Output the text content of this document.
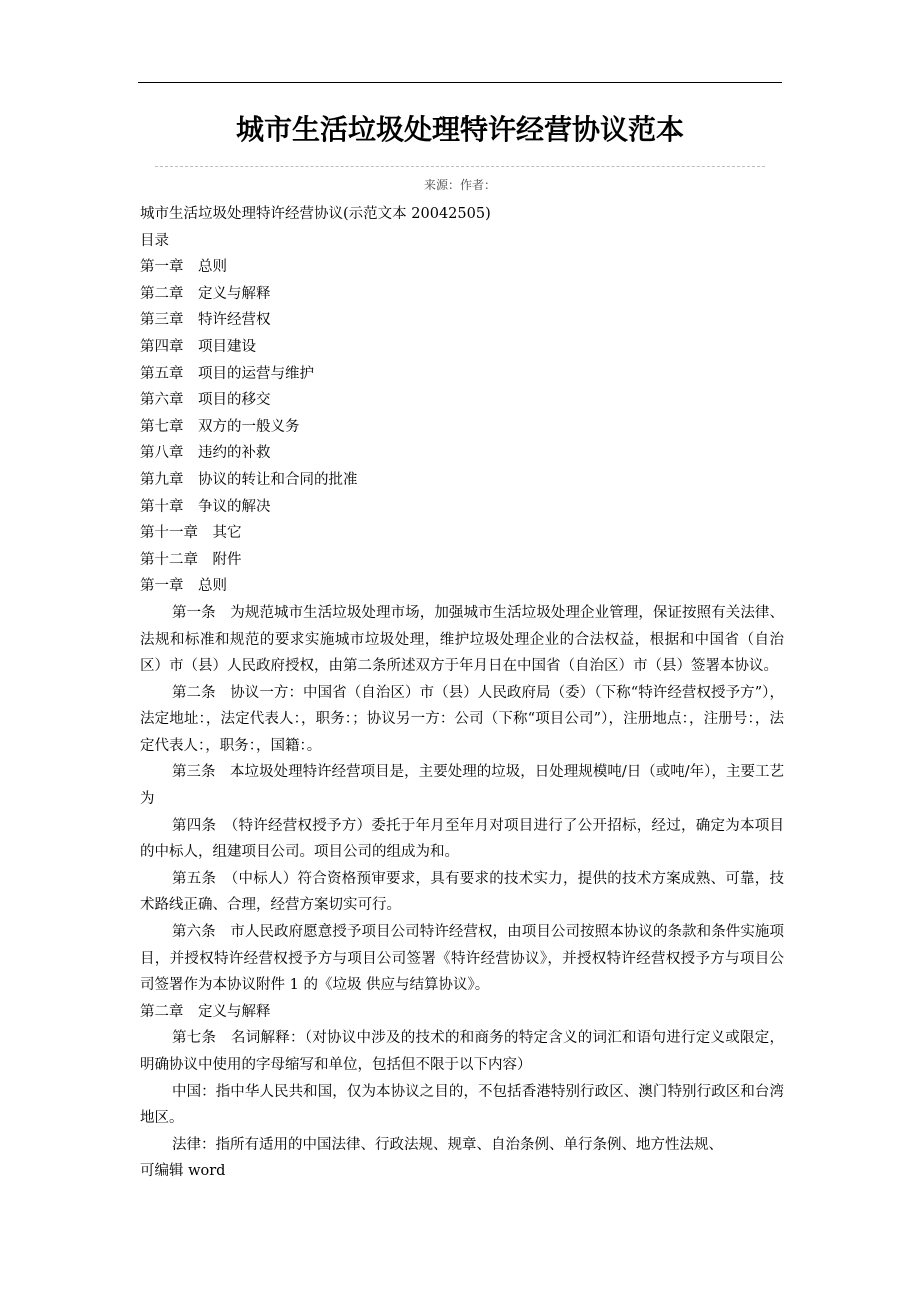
城市生活垃圾处理特许经营协议范本
来源：作者：

城市生活垃圾处理特许经营协议(示范文本 20042505)

目录

第一章　总则

第二章　定义与解释

第三章　特许经营权

第四章　项目建设

第五章　项目的运营与维护

第六章　项目的移交

第七章　双方的一般义务

第八章　违约的补救

第九章　协议的转让和合同的批准

第十章　争议的解决

第十一章　其它

第十二章　附件

第一章　总则

第一条　为规范城市生活垃圾处理市场，加强城市生活垃圾处理企业管理，保证按照有关法律、法规和标准和规范的要求实施城市垃圾处理，维护垃圾处理企业的合法权益，根据和中国省（自治区）市（县）人民政府授权，由第二条所述双方于年月日在中国省（自治区）市（县）签署本协议。

第二条　协议一方：中国省（自治区）市（县）人民政府局（委）（下称“特许经营权授予方”），法定地址：，法定代表人：，职务：；协议另一方：公司（下称“项目公司”），注册地点：，注册号：，法定代表人：，职务：，国籍：。

第三条　本垃圾处理特许经营项目是，主要处理的垃圾，日处理规模吨/日（或吨/年），主要工艺为

第四条　（特许经营权授予方）委托于年月至年月对项目进行了公开招标，经过，确定为本项目的中标人，组建项目公司。项目公司的组成为和。

第五条　（中标人）符合资格预审要求，具有要求的技术实力，提供的技术方案成熟、可靠，技术路线正确、合理，经营方案切实可行。

第六条　市人民政府愿意授予项目公司特许经营权，由项目公司按照本协议的条款和条件实施项目，并授权特许经营权授予方与项目公司签署《特许经营协议》，并授权特许经营权授予方与项目公司签署作为本协议附件 1 的《垃圾 供应与结算协议》。

第二章　定义与解释

第七条　名词解释：（对协议中涉及的技术的和商务的特定含义的词汇和语句进行定义或限定，明确协议中使用的字母缩写和单位，包括但不限于以下内容）

中国：指中华人民共和国，仅为本协议之目的，不包括香港特别行政区、澳门特别行政区和台湾地区。

法律：指所有适用的中国法律、行政法规、规章、自治条例、单行条例、地方性法规、

可编辑 word
